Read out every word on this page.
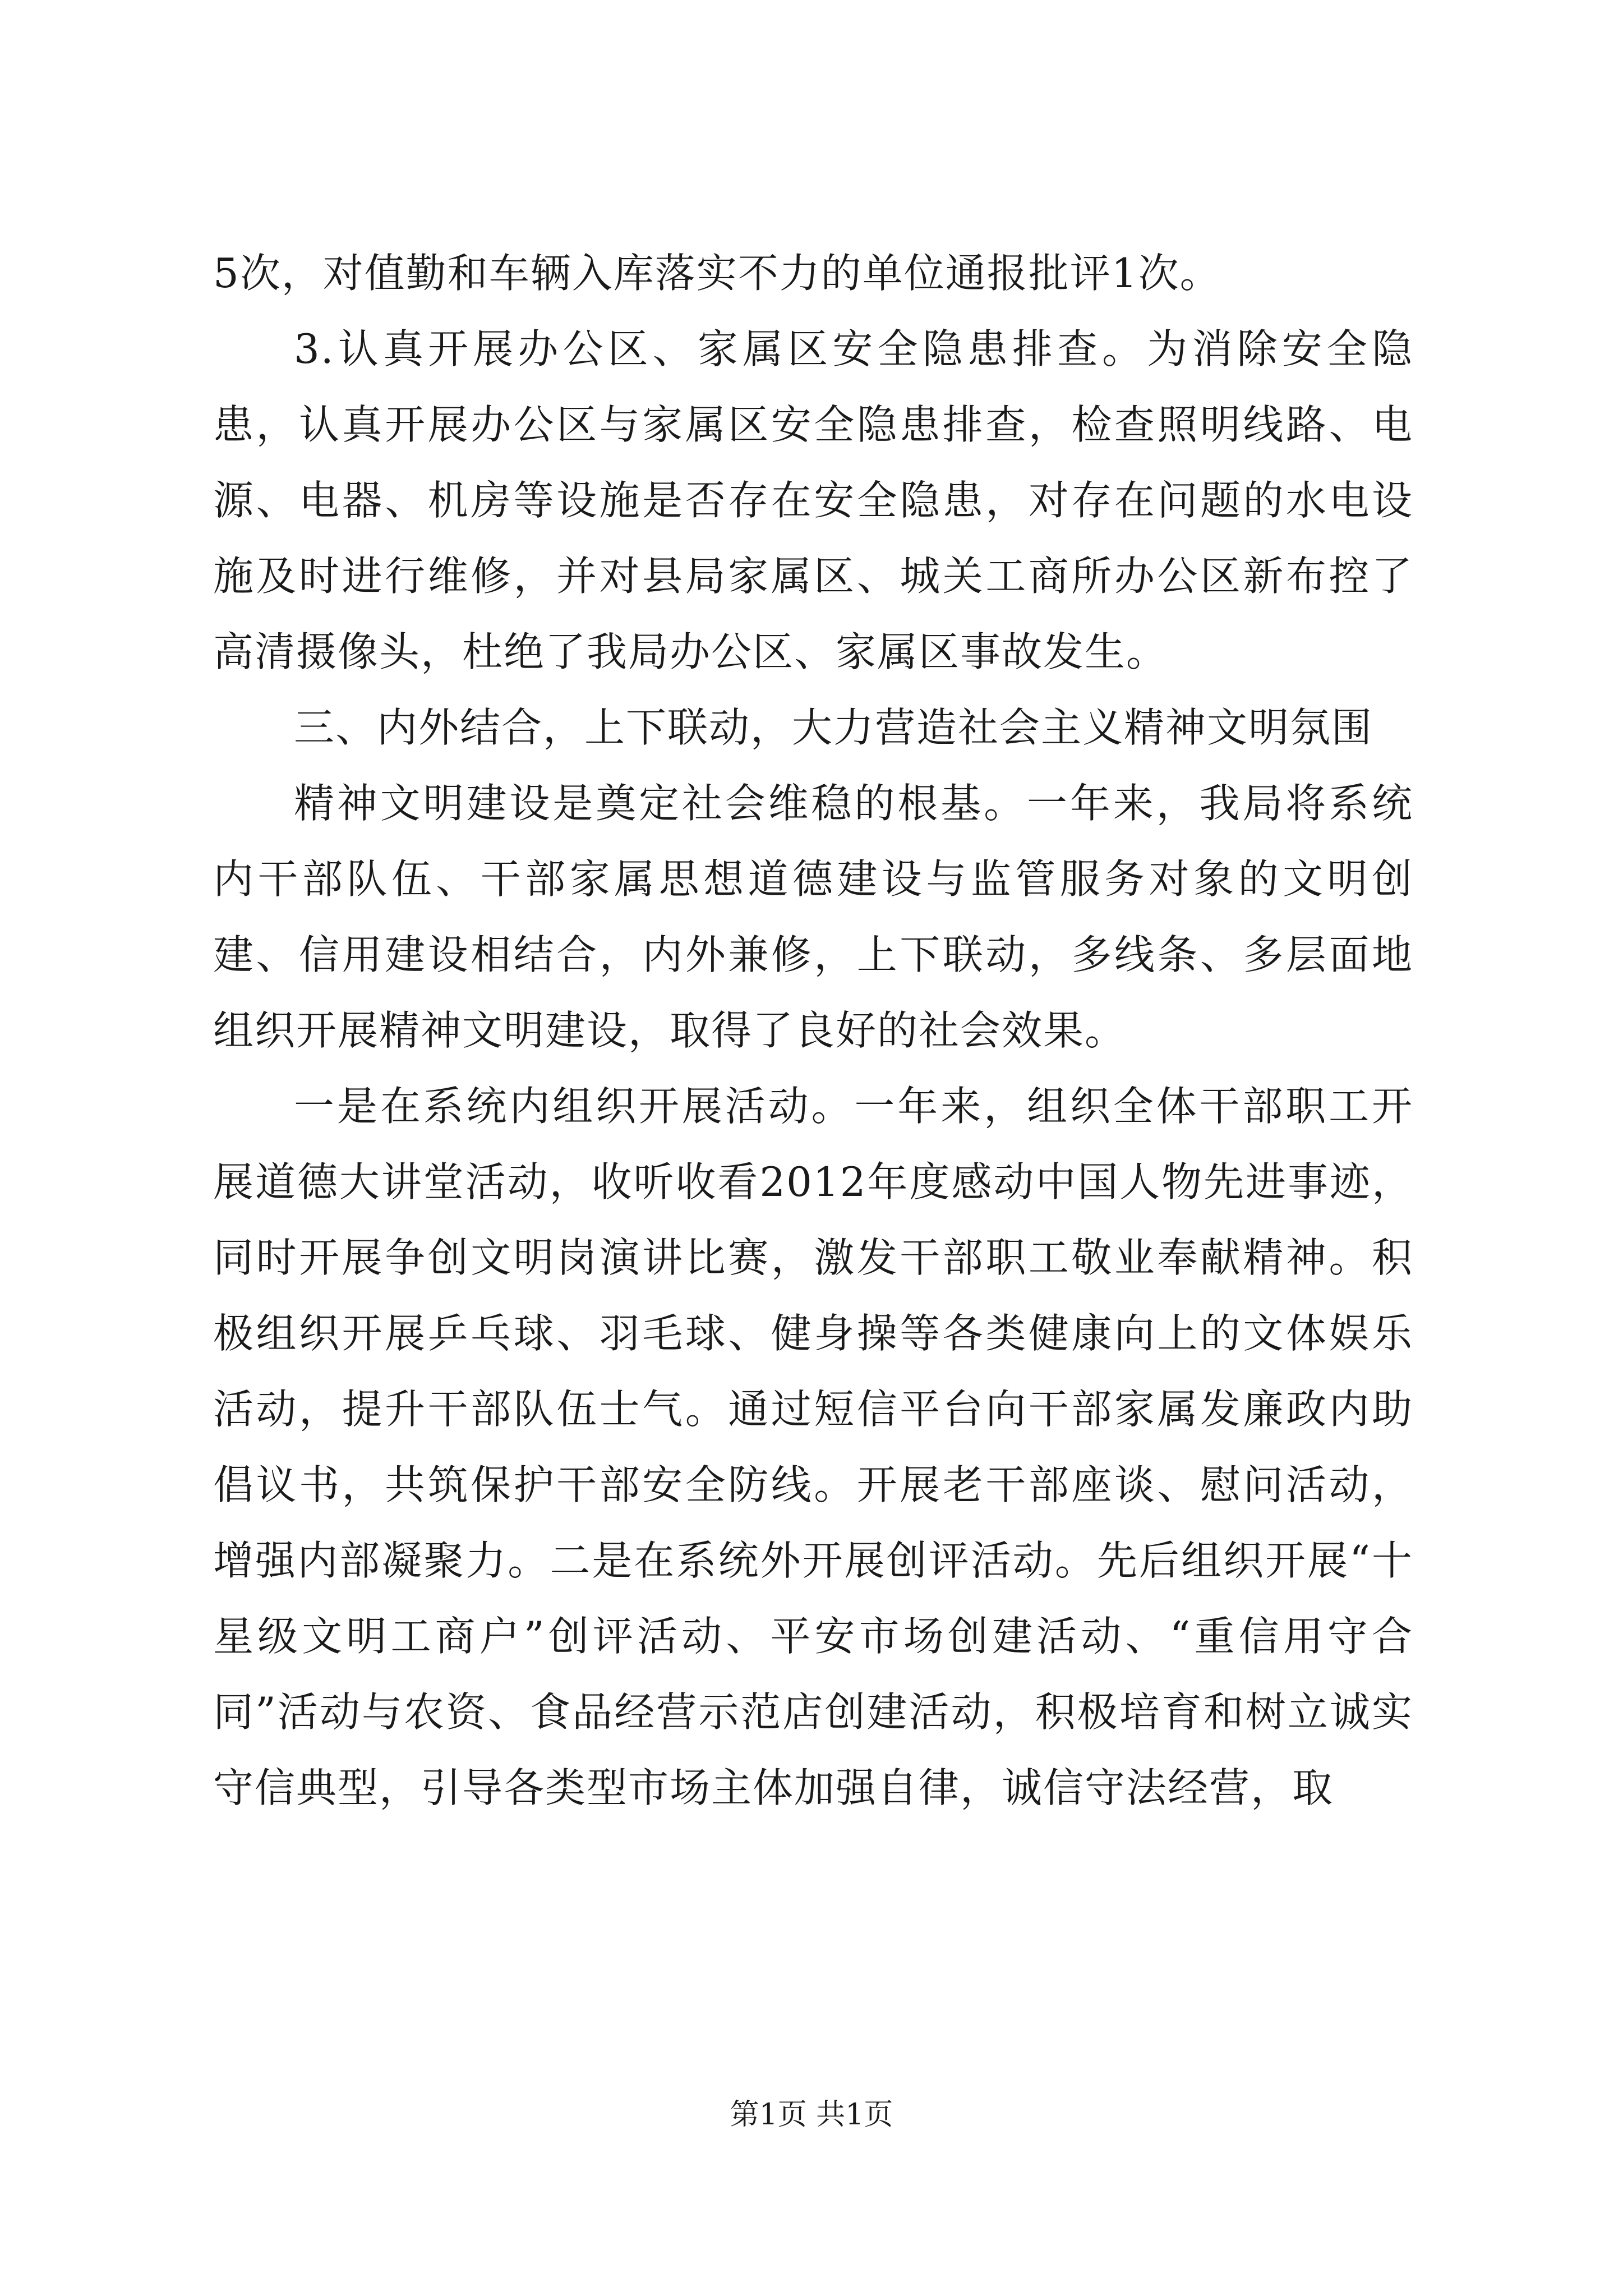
5次，对值勤和车辆入库落实不力的单位通报批评1次。

3.认真开展办公区、家属区安全隐患排查。为消除安全隐患，认真开展办公区与家属区安全隐患排查，检查照明线路、电源、电器、机房等设施是否存在安全隐患，对存在问题的水电设施及时进行维修，并对县局家属区、城关工商所办公区新布控了高清摄像头，杜绝了我局办公区、家属区事故发生。

三、内外结合，上下联动，大力营造社会主义精神文明氛围

精神文明建设是奠定社会维稳的根基。一年来，我局将系统内干部队伍、干部家属思想道德建设与监管服务对象的文明创建、信用建设相结合，内外兼修，上下联动，多线条、多层面地组织开展精神文明建设，取得了良好的社会效果。

一是在系统内组织开展活动。一年来，组织全体干部职工开展道德大讲堂活动，收听收看2012年度感动中国人物先进事迹，同时开展争创文明岗演讲比赛，激发干部职工敬业奉献精神。积极组织开展乒乓球、羽毛球、健身操等各类健康向上的文体娱乐活动，提升干部队伍士气。通过短信平台向干部家属发廉政内助倡议书，共筑保护干部安全防线。开展老干部座谈、慰问活动，增强内部凝聚力。二是在系统外开展创评活动。先后组织开展“十星级文明工商户”创评活动、平安市场创建活动、“重信用守合同”活动与农资、食品经营示范店创建活动，积极培育和树立诚实守信典型，引导各类型市场主体加强自律，诚信守法经营，取

第1页 共1页
